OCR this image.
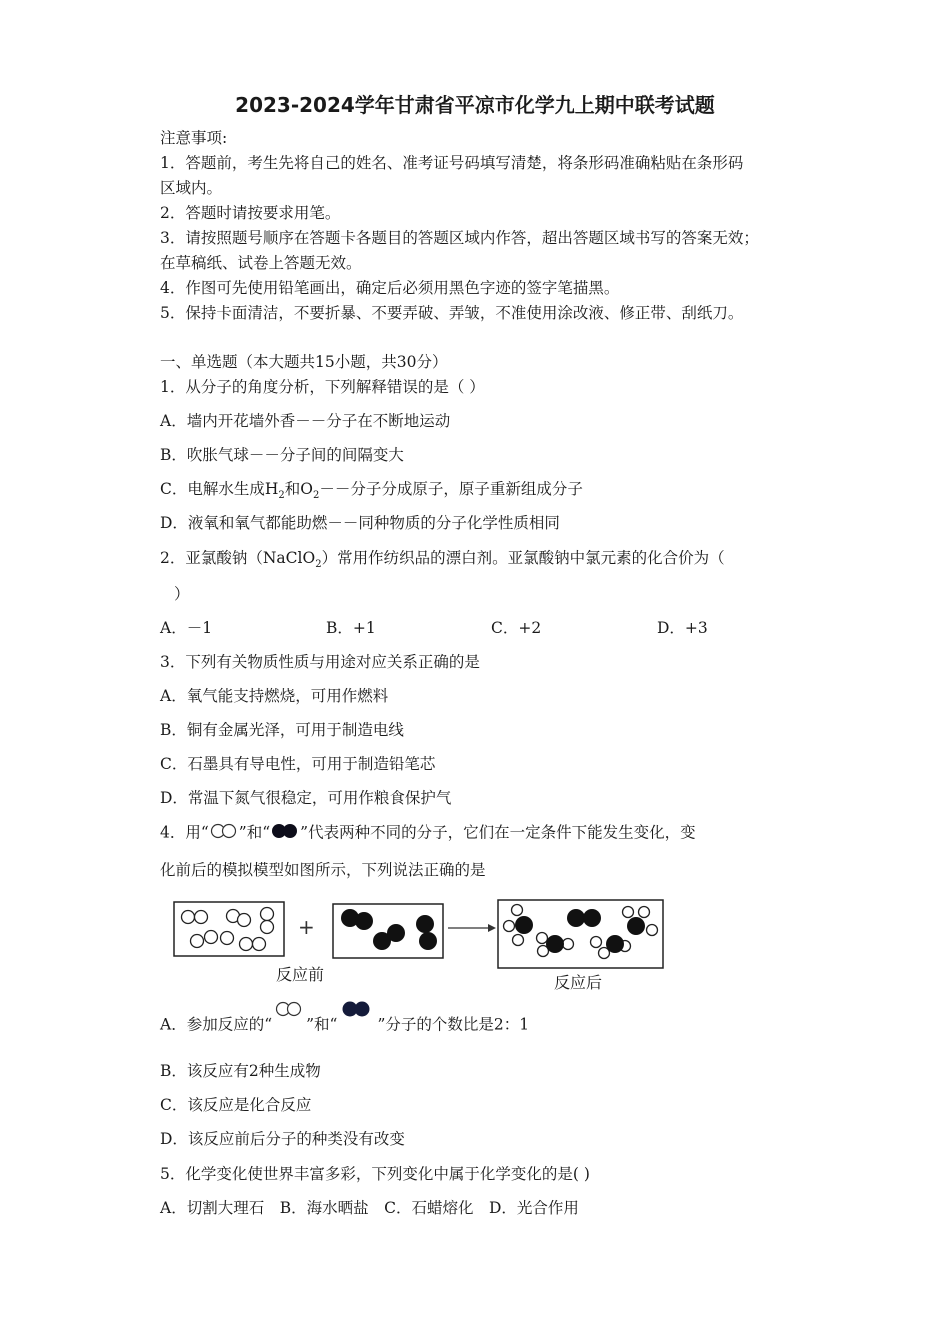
2023-2024学年甘肃省平凉市化学九上期中联考试题
注意事项:
1．答题前，考生先将自己的姓名、准考证号码填写清楚，将条形码准确粘贴在条形码
区域内。
2．答题时请按要求用笔。
3．请按照题号顺序在答题卡各题目的答题区域内作答，超出答题区域书写的答案无效；
在草稿纸、试卷上答题无效。
4．作图可先使用铅笔画出，确定后必须用黑色字迹的签字笔描黑。
5．保持卡面清洁，不要折暴、不要弄破、弄皱，不准使用涂改液、修正带、刮纸刀。
一、单选题（本大题共15小题，共30分）
1．从分子的角度分析，下列解释错误的是（ ）
A．墙内开花墙外香－－分子在不断地运动
B．吹胀气球－－分子间的间隔变大
C．电解水生成$H_2$和$O_2--$分子分成原子，原子重新组成分子
D．液氧和氧气都能助燃－－同种物质的分子化学性质相同
2．亚氯酸钠（NaClO$_2$）常用作纺织品的漂白剂。亚氯酸钠中氯元素的化合价为（
）
A．－1	B．+1	C．+2	D．+3
3．下列有关物质性质与用途对应关系正确的是
A．氧气能支持燃烧，可用作燃料
B．铜有金属光泽，可用于制造电线
C．石墨具有导电性，可用于制造铅笔芯
D．常温下氮气很稳定，可用作粮食保护气
4．用“ ”和“ ”代表两种不同的分子，它们在一定条件下能发生变化，变
化前后的模拟模型如图所示，下列说法正确的是
+
反应前	反应后
A．参加反应的“ ”和“	”分子的个数比是2：1
B．该反应有2种生成物
C．该反应是化合反应
D．该反应前后分子的种类没有改变
5．化学变化使世界丰富多彩，下列变化中属于化学变化的是( )
A．切割大理石　B．海水晒盐　C．石蜡熔化　D．光合作用
